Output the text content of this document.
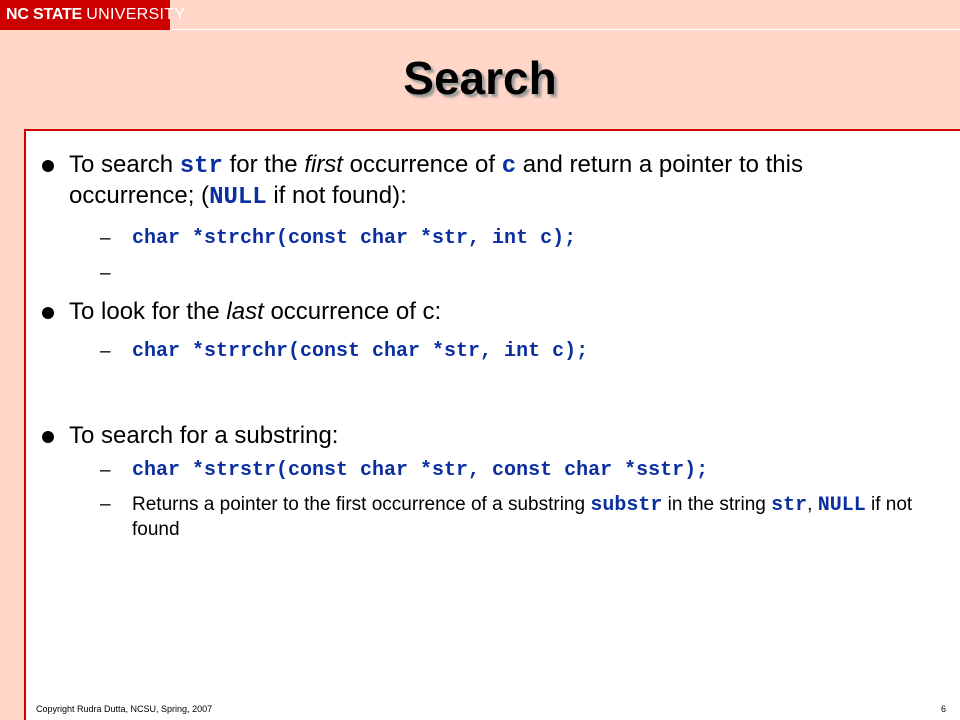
NC STATE UNIVERSITY
Search
To search str for the first occurrence of c and return a pointer to this occurrence; (NULL if not found):
– char *strchr(const char *str, int c);
–
To look for the last occurrence of c:
– char *strrchr(const char *str, int c);
To search for a substring:
– char *strstr(const char *str, const char *sstr);
– Returns a pointer to the first occurrence of a substring substr in the string str, NULL if not found
Copyright Rudra Dutta, NCSU, Spring, 2007	6
